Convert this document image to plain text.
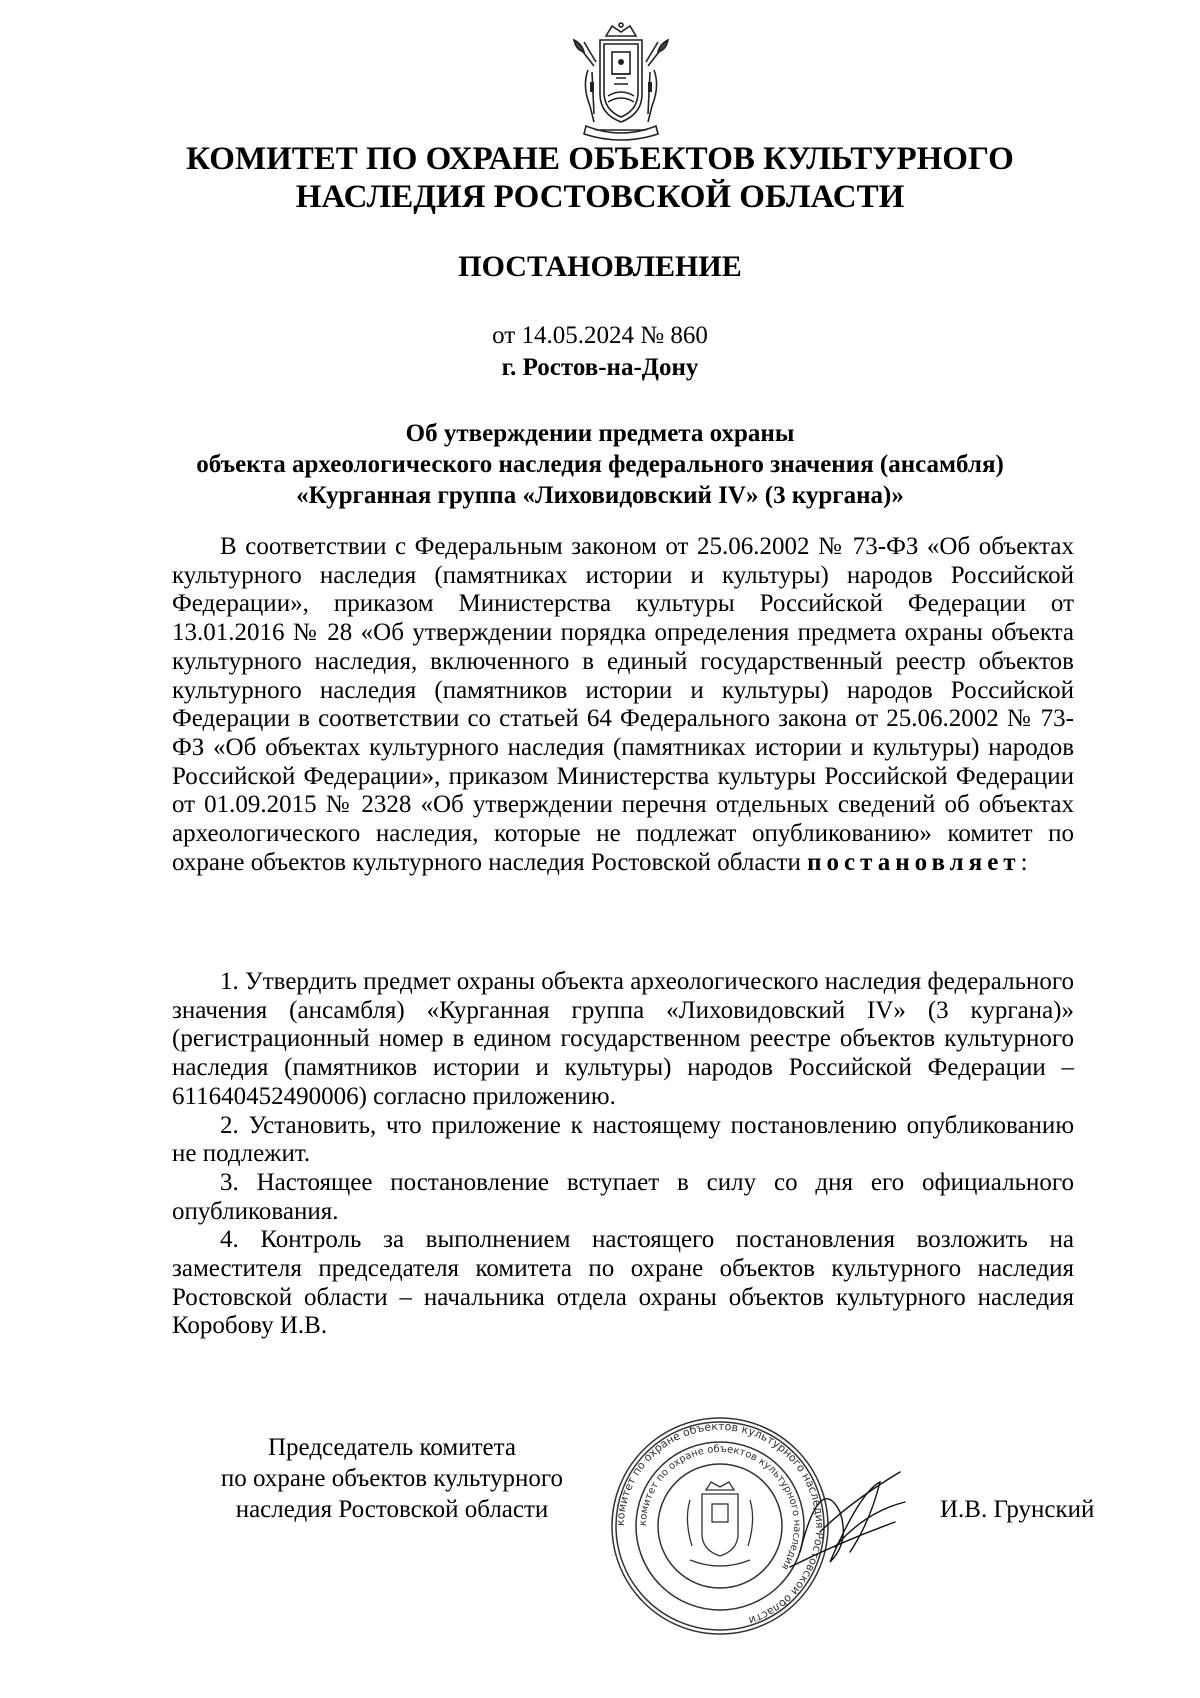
КОМИТЕТ ПО ОХРАНЕ ОБЪЕКТОВ КУЛЬТУРНОГО
НАСЛЕДИЯ РОСТОВСКОЙ ОБЛАСТИ
ПОСТАНОВЛЕНИЕ
от 14.05.2024 № 860
г. Ростов-на-Дону
Об утверждении предмета охраны
объекта археологического наследия федерального значения (ансамбля)
«Курганная группа «Лиховидовский IV» (3 кургана)»

В соответствии с Федеральным законом от 25.06.2002 № 73-ФЗ «Об объектах культурного наследия (памятниках истории и культуры) народов Российской Федерации», приказом Министерства культуры Российской Федерации от 13.01.2016 № 28 «Об утверждении порядка определения предмета охраны объекта культурного наследия, включенного в единый государственный реестр объектов культурного наследия (памятников истории и культуры) народов Российской Федерации в соответствии со статьей 64 Федерального закона от 25.06.2002 № 73-ФЗ «Об объектах культурного наследия (памятниках истории и культуры) народов Российской Федерации», приказом Министерства культуры Российской Федерации от 01.09.2015 № 2328 «Об утверждении перечня отдельных сведений об объектах археологического наследия, которые не подлежат опубликованию» комитет по охране объектов культурного наследия Ростовской области постановляет:

1. Утвердить предмет охраны объекта археологического наследия федерального значения (ансамбля) «Курганная группа «Лиховидовский IV» (3 кургана)» (регистрационный номер в едином государственном реестре объектов культурного наследия (памятников истории и культуры) народов Российской Федерации – 611640452490006) согласно приложению.

2. Установить, что приложение к настоящему постановлению опубликованию не подлежит.

3. Настоящее постановление вступает в силу со дня его официального опубликования.

4. Контроль за выполнением настоящего постановления возложить на заместителя председателя комитета по охране объектов культурного наследия Ростовской области – начальника отдела охраны объектов культурного наследия Коробову И.В.

Председатель комитета
по охране объектов культурного
наследия Ростовской области	комитет по охране объектов культурного наследия Ростовской области
комитет по охране объектов культурного наследия
И.В. Грунский
